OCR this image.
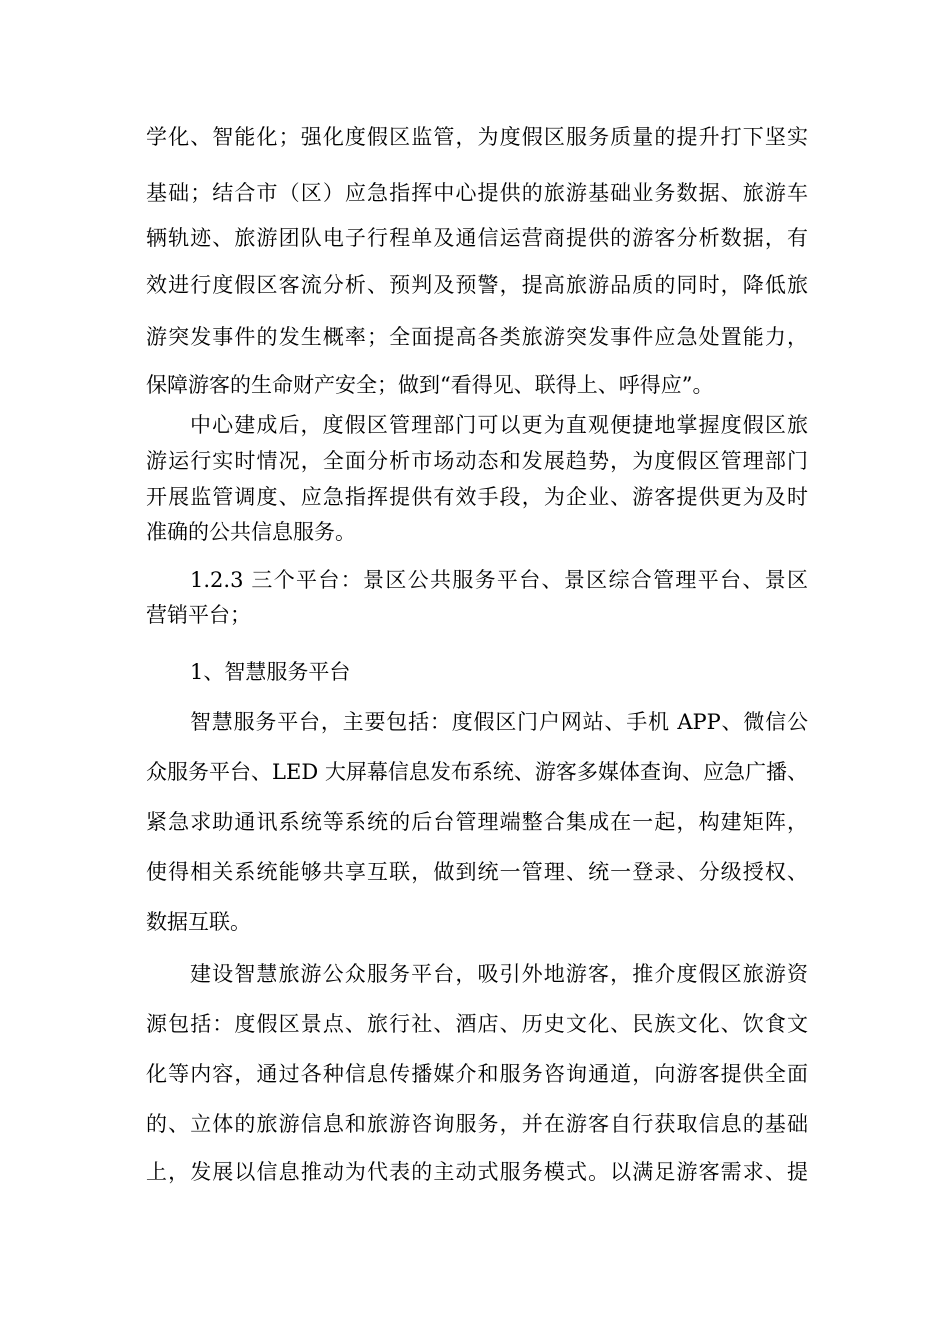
学化、智能化；强化度假区监管，为度假区服务质量的提升打下坚实
基础；结合市（区）应急指挥中心提供的旅游基础业务数据、旅游车
辆轨迹、旅游团队电子行程单及通信运营商提供的游客分析数据，有
效进行度假区客流分析、预判及预警，提高旅游品质的同时，降低旅
游突发事件的发生概率；全面提高各类旅游突发事件应急处置能力，
保障游客的生命财产安全；做到“看得见、联得上、呼得应”。
中心建成后，度假区管理部门可以更为直观便捷地掌握度假区旅
游运行实时情况，全面分析市场动态和发展趋势，为度假区管理部门
开展监管调度、应急指挥提供有效手段，为企业、游客提供更为及时
准确的公共信息服务。
1.2.3 三个平台：景区公共服务平台、景区综合管理平台、景区
营销平台；
1、智慧服务平台
智慧服务平台，主要包括：度假区门户网站、手机 APP、微信公
众服务平台、LED 大屏幕信息发布系统、游客多媒体查询、应急广播、
紧急求助通讯系统等系统的后台管理端整合集成在一起，构建矩阵，
使得相关系统能够共享互联，做到统一管理、统一登录、分级授权、
数据互联。
建设智慧旅游公众服务平台，吸引外地游客，推介度假区旅游资
源包括：度假区景点、旅行社、酒店、历史文化、民族文化、饮食文
化等内容，通过各种信息传播媒介和服务咨询通道，向游客提供全面
的、立体的旅游信息和旅游咨询服务，并在游客自行获取信息的基础
上，发展以信息推动为代表的主动式服务模式。以满足游客需求、提
